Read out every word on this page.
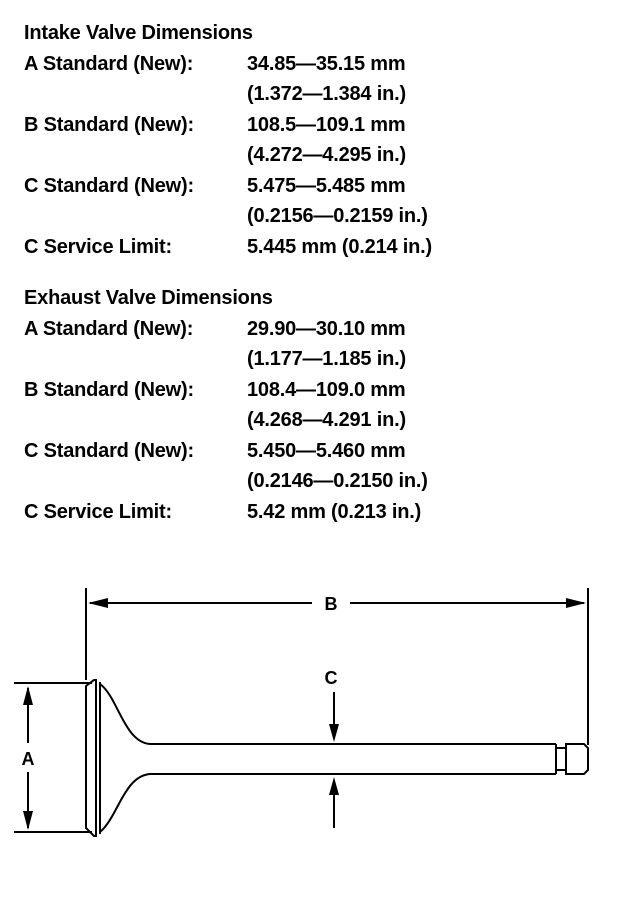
Intake Valve Dimensions
A Standard (New):	34.85—35.15 mm
(1.372—1.384 in.)
B Standard (New):	108.5—109.1 mm
(4.272—4.295 in.)
C Standard (New):	5.475—5.485 mm
(0.2156—0.2159 in.)
C Service Limit:	5.445 mm (0.214 in.)
Exhaust Valve Dimensions
A Standard (New):	29.90—30.10 mm
(1.177—1.185 in.)
B Standard (New):	108.4—109.0 mm
(4.268—4.291 in.)
C Standard (New):	5.450—5.460 mm
(0.2146—0.2150 in.)
C Service Limit:	5.42 mm (0.213 in.)
B
A
C
